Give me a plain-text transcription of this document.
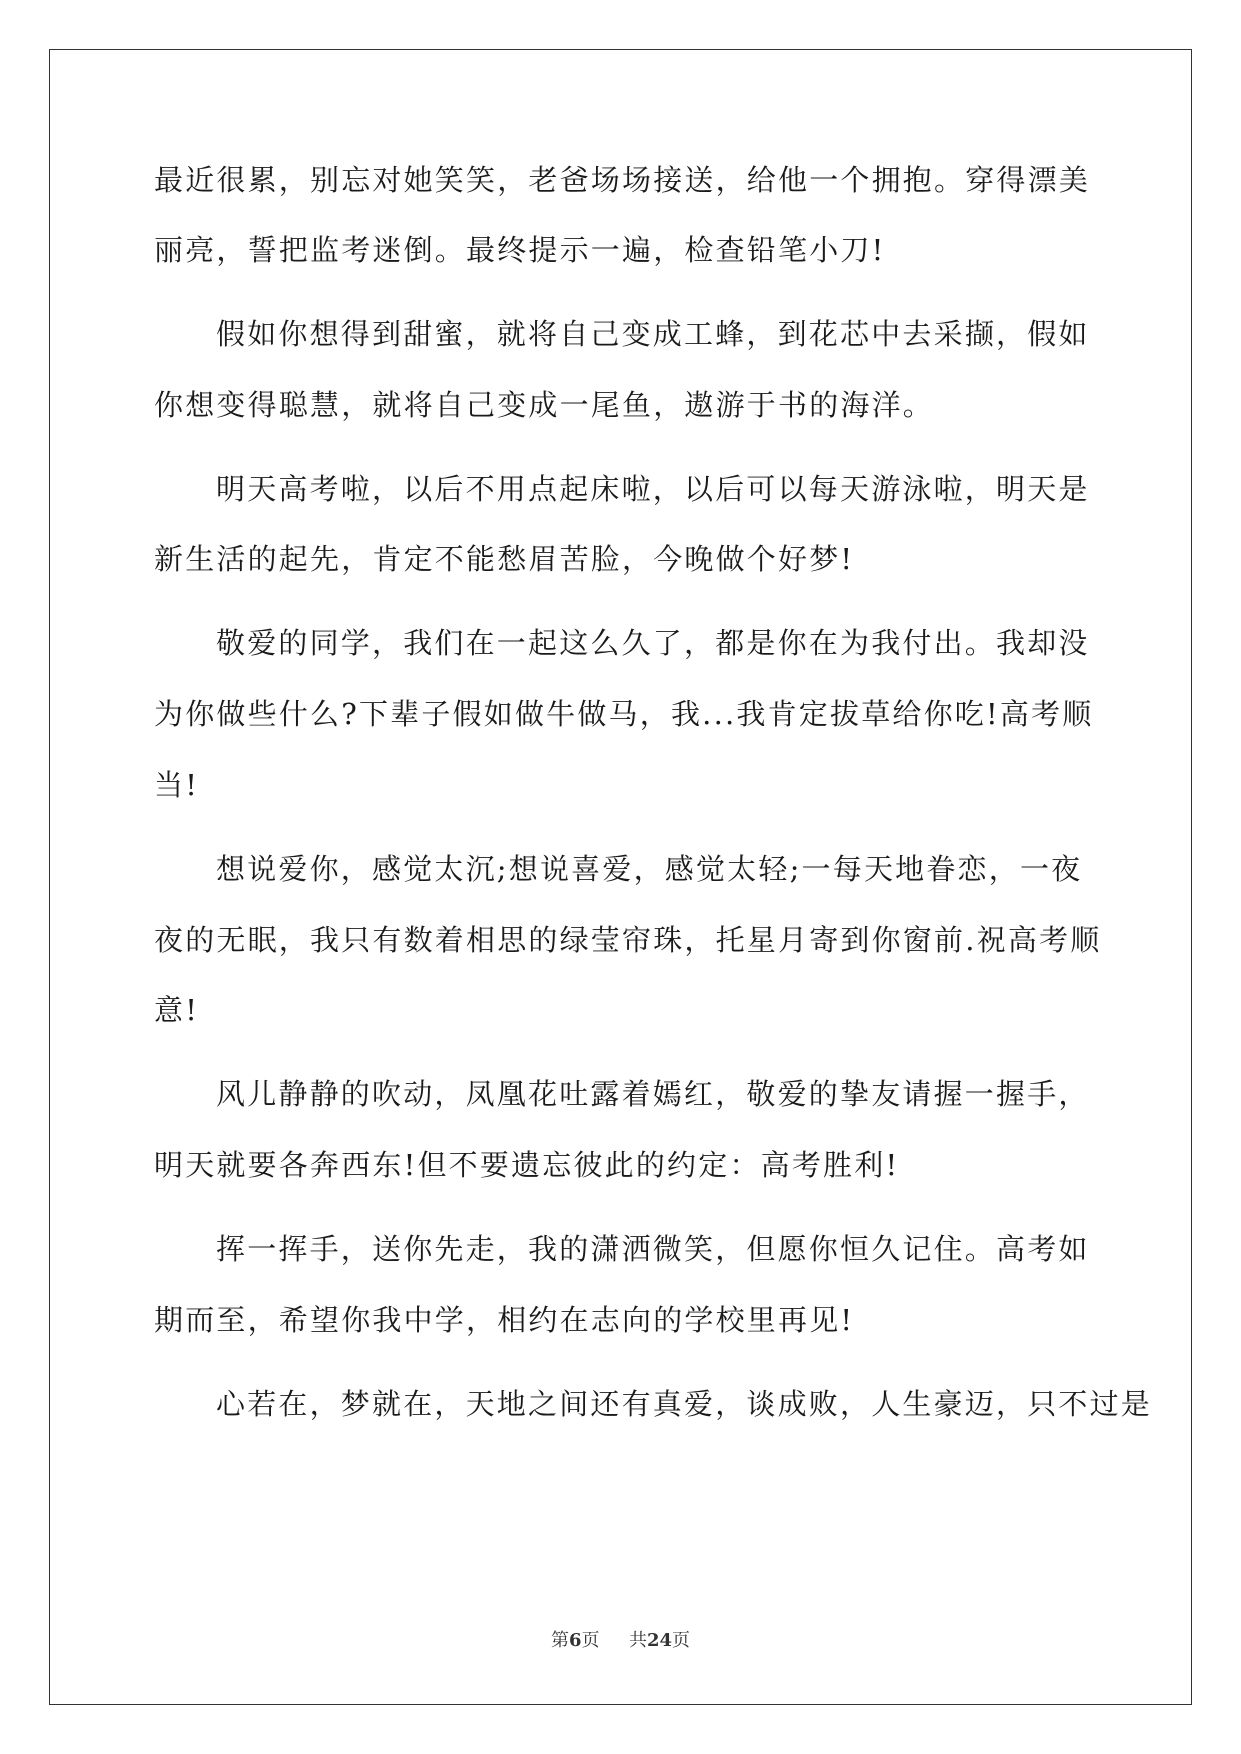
最近很累，别忘对她笑笑，老爸场场接送，给他一个拥抱。穿得漂美
丽亮，誓把监考迷倒。最终提示一遍，检查铅笔小刀!
假如你想得到甜蜜，就将自己变成工蜂，到花芯中去采撷，假如
你想变得聪慧，就将自己变成一尾鱼，遨游于书的海洋。
明天高考啦，以后不用点起床啦，以后可以每天游泳啦，明天是
新生活的起先，肯定不能愁眉苦脸，今晚做个好梦!
敬爱的同学，我们在一起这么久了，都是你在为我付出。我却没
为你做些什么?下辈子假如做牛做马，我...我肯定拔草给你吃!高考顺
当!
想说爱你，感觉太沉;想说喜爱，感觉太轻;一每天地眷恋，一夜
夜的无眠，我只有数着相思的绿莹帘珠，托星月寄到你窗前.祝高考顺
意!
风儿静静的吹动，凤凰花吐露着嫣红，敬爱的挚友请握一握手，
明天就要各奔西东!但不要遗忘彼此的约定：高考胜利!
挥一挥手，送你先走，我的潇洒微笑，但愿你恒久记住。高考如
期而至，希望你我中学，相约在志向的学校里再见!
心若在，梦就在，天地之间还有真爱，谈成败，人生豪迈，只不过是
第6页 共24页
